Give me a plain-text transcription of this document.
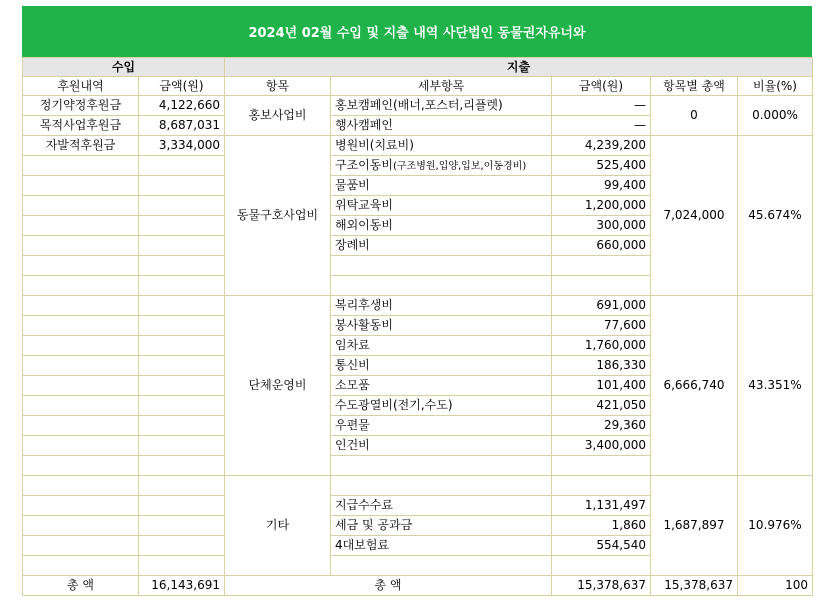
2024년 02월 수입 및 지출 내역 사단법인 동물권자유너와
수입		지출				
후원내역	금액(원)	항목	세부항목	금액(원)	항목별 총액	비율(%)
정기약정후원금	4,122,660	홍보사업비	홍보캠페인(배너,포스터,리플렛)	—	0	0.000%
목적사업후원금	8,687,031		행사캠페인	—		
자발적후원금	3,334,000	동물구호사업비	병원비(치료비)	4,239,200	7,024,000	45.674%
			구조이동비(구조병원,입양,입보,이동경비)	525,400		
			물품비	99,400		
			위탁교육비	1,200,000		
			해외이동비	300,000		
			장례비	660,000		

		단체운영비	복리후생비	691,000	6,666,740	43.351%
			봉사활동비	77,600		
			임차료	1,760,000		
			통신비	186,330		
			소모품	101,400		
			수도광열비(전기,수도)	421,050		
			우편물	29,360		
			인건비	3,400,000		

		기타			1,687,897	10.976%
			지급수수료	1,131,497		
			세금 및 공과금	1,860		
			4대보험료	554,540		

총 액	16,143,691	총 액		15,378,637	15,378,637	100
